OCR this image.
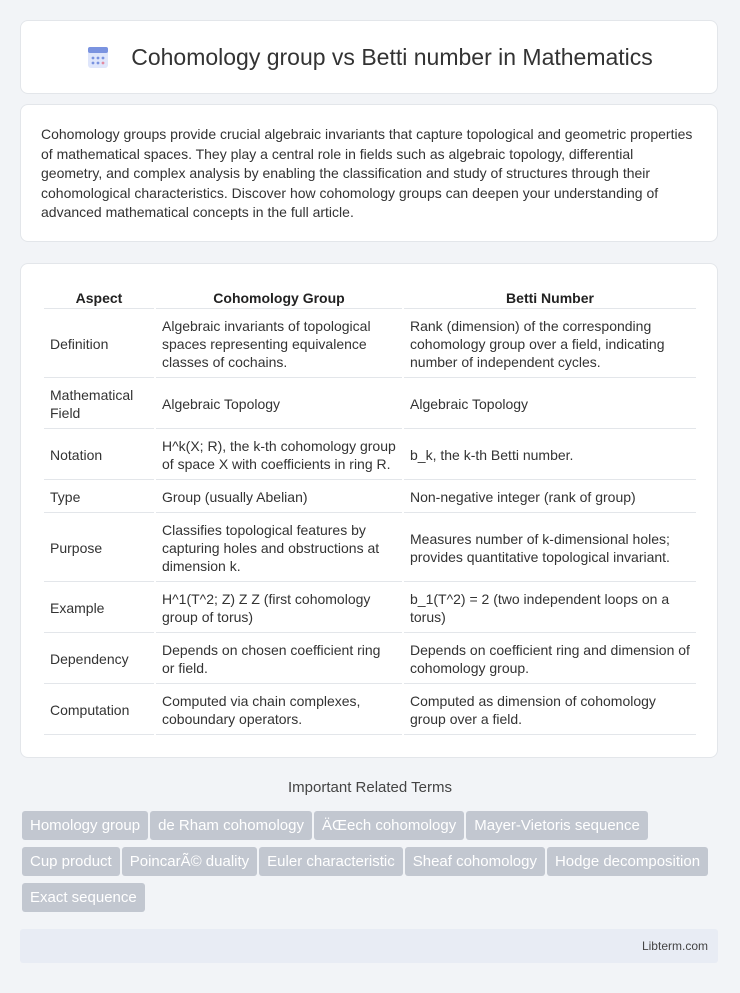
Cohomology group vs Betti number in Mathematics
Cohomology groups provide crucial algebraic invariants that capture topological and geometric properties of mathematical spaces. They play a central role in fields such as algebraic topology, differential geometry, and complex analysis by enabling the classification and study of structures through their cohomological characteristics. Discover how cohomology groups can deepen your understanding of advanced mathematical concepts in the full article.
Aspect	Cohomology Group	Betti Number
Definition	Algebraic invariants of topological spaces representing equivalence classes of cochains.	Rank (dimension) of the corresponding cohomology group over a field, indicating number of independent cycles.
Mathematical Field	Algebraic Topology	Algebraic Topology
Notation	H^k(X; R), the k-th cohomology group of space X with coefficients in ring R.	b_k, the k-th Betti number.
Type	Group (usually Abelian)	Non-negative integer (rank of group)
Purpose	Classifies topological features by capturing holes and obstructions at dimension k.	Measures number of k-dimensional holes; provides quantitative topological invariant.
Example	H^1(T^2; Z) Z Z (first cohomology group of torus)	b_1(T^2) = 2 (two independent loops on a torus)
Dependency	Depends on chosen coefficient ring or field.	Depends on coefficient ring and dimension of cohomology group.
Computation	Computed via chain complexes, coboundary operators.	Computed as dimension of cohomology group over a field.
Important Related Terms
Homology group de Rham cohomology ÄŒech cohomology Mayer-Vietoris sequenceCup product PoincarÃ© duality Euler characteristic Sheaf cohomology Hodge decompositionExact sequence
Libterm.com
